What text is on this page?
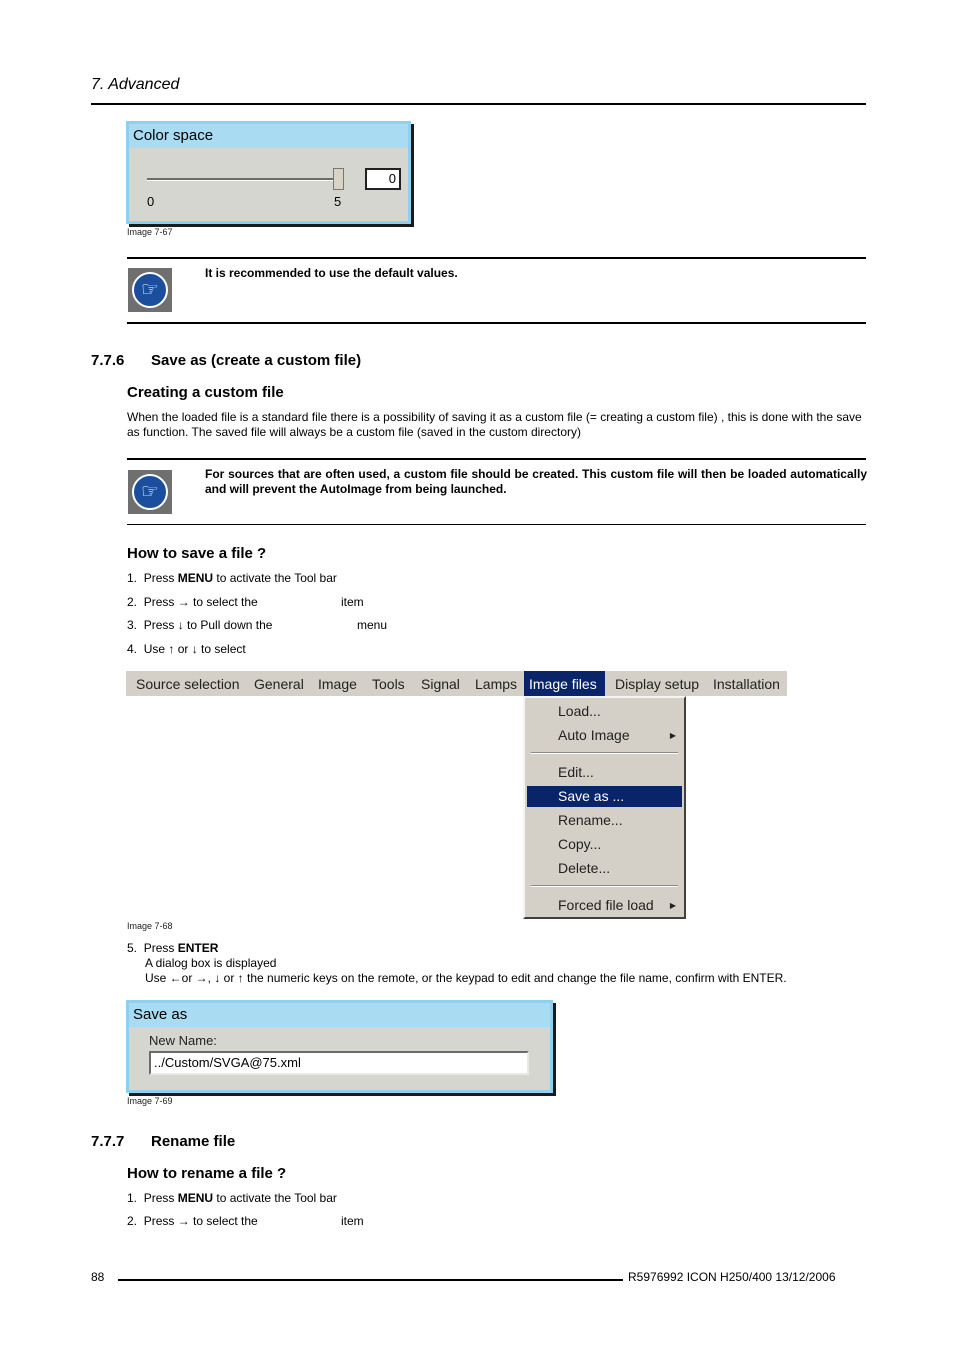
7. Advanced
Color space
0
0	5
Image 7-67
☞
It is recommended to use the default values.
7.7.6 Save as (create a custom file)
Creating a custom file
When the loaded file is a standard file there is a possibility of saving it as a custom file (= creating a custom file) , this is done with the save as function. The saved file will always be a custom file (saved in the custom directory)
☞
For sources that are often used, a custom file should be created. This custom file will then be loaded automatically and will prevent the AutoImage from being launched.
How to save a file ?
1. Press MENU to activate the Tool bar
2. Press → to select the	item
3. Press ↓ to Pull down the	menu
4. Use ↑ or ↓ to select
Source selection	General	Image	Tools	Signal	Lamps Image files	Display setup Installation
Load...
Auto Image	▶
Edit...
Save as ...
Rename...
Copy...
Delete...
Forced file load ▶
Image 7-68
5. Press ENTER
A dialog box is displayed
Use ←or →, ↓ or ↑ the numeric keys on the remote, or the keypad to edit and change the file name, confirm with ENTER.
Save as
New Name:
../Custom/SVGA@75.xml
Image 7-69
7.7.7 Rename file
How to rename a file ?
1. Press MENU to activate the Tool bar
2. Press → to select the	item
88	R5976992 ICON H250/400 13/12/2006
